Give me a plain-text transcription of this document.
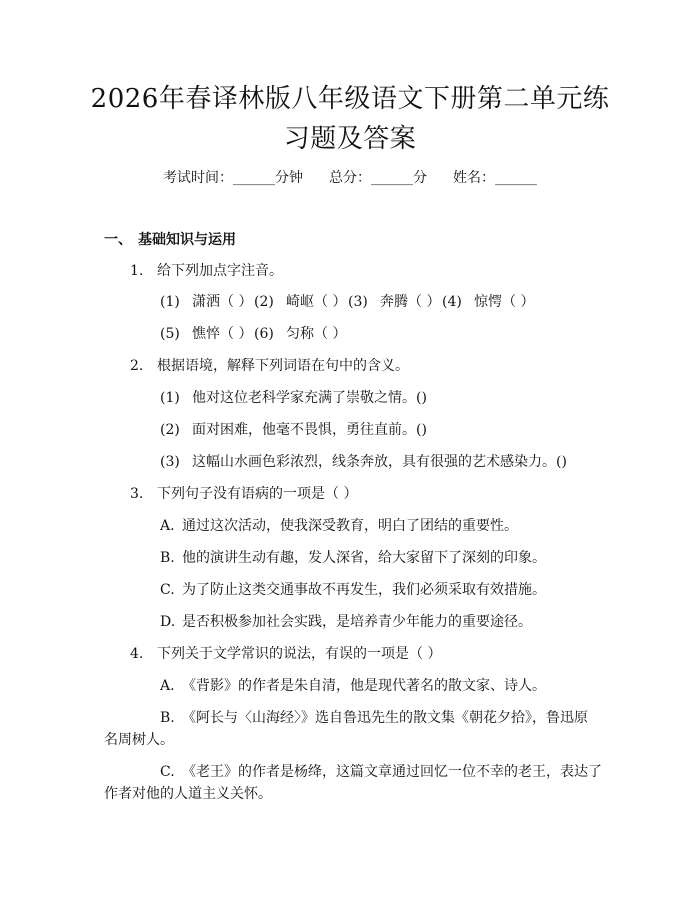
2026年春译林版八年级语文下册第二单元练
习题及答案
考试时间：______分钟 总分：______分 姓名：______
一、 基础知识与运用
1. 给下列加点字注音。
(1) 潇洒（ ） (2) 崎岖（ ） (3) 奔腾（ ） (4) 惊愕（ ）
(5) 憔悴（ ） (6) 匀称（ ）
2. 根据语境，解释下列词语在句中的含义。
(1) 他对这位老科学家充满了崇敬之情。()
(2) 面对困难，他毫不畏惧，勇往直前。()
(3) 这幅山水画色彩浓烈，线条奔放，具有很强的艺术感染力。()
3. 下列句子没有语病的一项是（ ）
A. 通过这次活动，使我深受教育，明白了团结的重要性。
B. 他的演讲生动有趣，发人深省，给大家留下了深刻的印象。
C. 为了防止这类交通事故不再发生，我们必须采取有效措施。
D. 是否积极参加社会实践，是培养青少年能力的重要途径。
4. 下列关于文学常识的说法，有误的一项是（ ）
A. 《背影》的作者是朱自清，他是现代著名的散文家、诗人。
B. 《阿长与〈山海经〉》选自鲁迅先生的散文集《朝花夕拾》，鲁迅原
名周树人。
C. 《老王》的作者是杨绛，这篇文章通过回忆一位不幸的老王，表达了
作者对他的人道主义关怀。
